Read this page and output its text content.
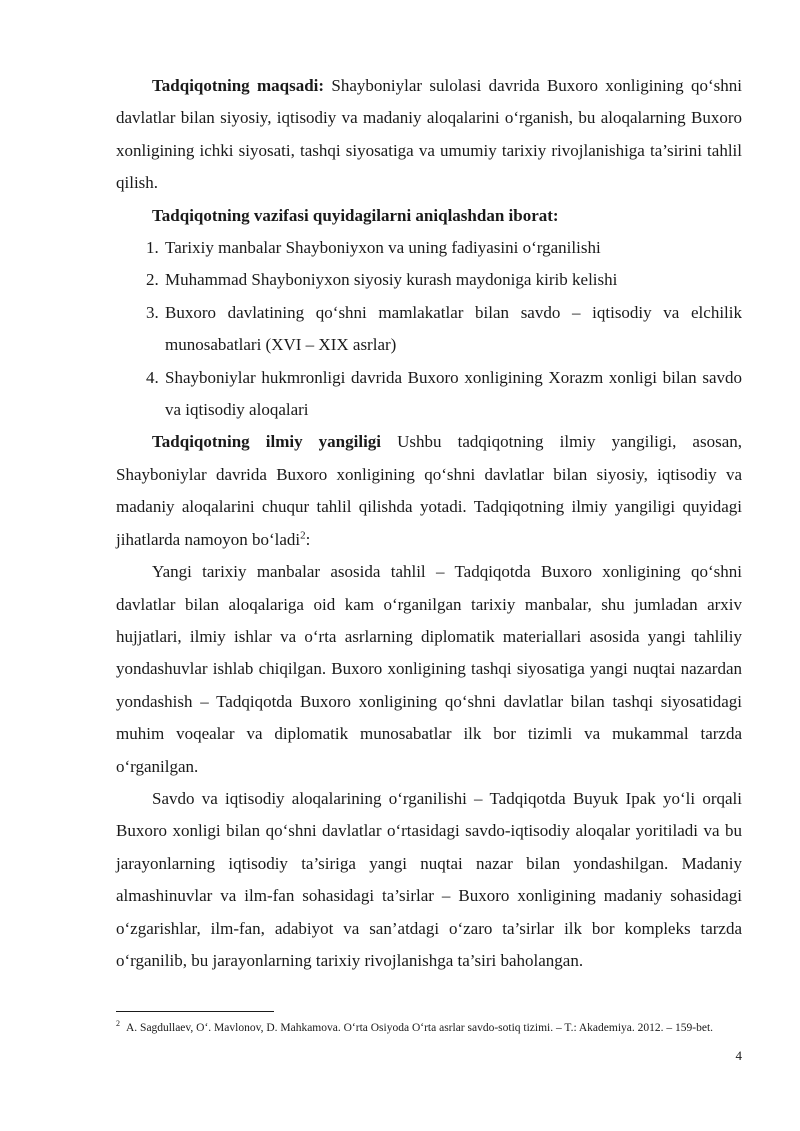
Tadqiqotning maqsadi: Shayboniylar sulolasi davrida Buxoro xonligining qo‘shni davlatlar bilan siyosiy, iqtisodiy va madaniy aloqalarini o‘rganish, bu aloqalarning Buxoro xonligining ichki siyosati, tashqi siyosatiga va umumiy tarixiy rivojlanishiga ta’sirini tahlil qilish.

Tadqiqotning vazifasi quyidagilarni aniqlashdan iborat:

1. Tarixiy manbalar Shayboniyxon va uning fadiyasini o‘rganilishi
2. Muhammad Shayboniyxon siyosiy kurash maydoniga kirib kelishi
3. Buxoro davlatining qo‘shni mamlakatlar bilan savdo – iqtisodiy va elchilik munosabatlari (XVI – XIX asrlar)
4. Shayboniylar hukmronligi davrida Buxoro xonligining Xorazm xonligi bilan savdo va iqtisodiy aloqalari

Tadqiqotning ilmiy yangiligi Ushbu tadqiqotning ilmiy yangiligi, asosan, Shayboniylar davrida Buxoro xonligining qo‘shni davlatlar bilan siyosiy, iqtisodiy va madaniy aloqalarini chuqur tahlil qilishda yotadi. Tadqiqotning ilmiy yangiligi quyidagi jihatlarda namoyon bo‘ladi$^2$:

Yangi tarixiy manbalar asosida tahlil – Tadqiqotda Buxoro xonligining qo‘shni davlatlar bilan aloqalariga oid kam o‘rganilgan tarixiy manbalar, shu jumladan arxiv hujjatlari, ilmiy ishlar va o‘rta asrlarning diplomatik materiallari asosida yangi tahliliy yondashuvlar ishlab chiqilgan. Buxoro xonligining tashqi siyosatiga yangi nuqtai nazardan yondashish – Tadqiqotda Buxoro xonligining qo‘shni davlatlar bilan tashqi siyosatidagi muhim voqealar va diplomatik munosabatlar ilk bor tizimli va mukammal tarzda o‘rganilgan.

Savdo va iqtisodiy aloqalarining o‘rganilishi – Tadqiqotda Buyuk Ipak yo‘li orqali Buxoro xonligi bilan qo‘shni davlatlar o‘rtasidagi savdo-iqtisodiy aloqalar yoritiladi va bu jarayonlarning iqtisodiy ta’siriga yangi nuqtai nazar bilan yondashilgan. Madaniy almashinuvlar va ilm-fan sohasidagi ta’sirlar – Buxoro xonligining madaniy sohasidagi o‘zgarishlar, ilm-fan, adabiyot va san’atdagi o‘zaro ta’sirlar ilk bor kompleks tarzda o‘rganilib, bu jarayonlarning tarixiy rivojlanishga ta’siri baholangan.

$^2$ A. Sagdullaev, O‘. Mavlonov, D. Mahkamova. O‘rta Osiyoda O‘rta asrlar savdo-sotiq tizimi. – T.: Akademiya. 2012. – 159-bet.
4
